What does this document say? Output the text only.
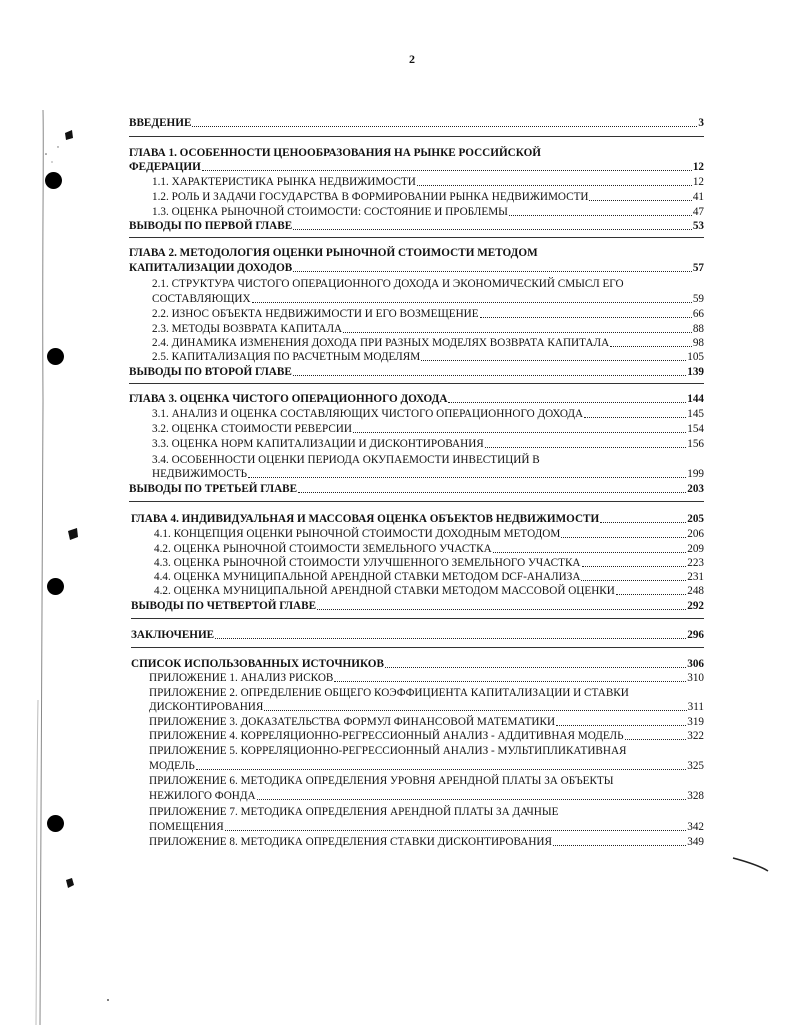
2
ВВЕДЕНИЕ	3
ГЛАВА 1. ОСОБЕННОСТИ ЦЕНООБРАЗОВАНИЯ НА РЫНКЕ РОССИЙСКОЙ
ФЕДЕРАЦИИ	12
1.1. ХАРАКТЕРИСТИКА РЫНКА НЕДВИЖИМОСТИ	12
1.2. РОЛЬ И ЗАДАЧИ ГОСУДАРСТВА В ФОРМИРОВАНИИ РЫНКА НЕДВИЖИМОСТИ	41
1.3. ОЦЕНКА РЫНОЧНОЙ СТОИМОСТИ: СОСТОЯНИЕ И ПРОБЛЕМЫ	47
ВЫВОДЫ ПО ПЕРВОЙ ГЛАВЕ	53
ГЛАВА 2. МЕТОДОЛОГИЯ ОЦЕНКИ РЫНОЧНОЙ СТОИМОСТИ МЕТОДОМ
КАПИТАЛИЗАЦИИ ДОХОДОВ	57
2.1. СТРУКТУРА ЧИСТОГО ОПЕРАЦИОННОГО ДОХОДА И ЭКОНОМИЧЕСКИЙ СМЫСЛ ЕГО
СОСТАВЛЯЮЩИХ	59
2.2. ИЗНОС ОБЪЕКТА НЕДВИЖИМОСТИ И ЕГО ВОЗМЕЩЕНИЕ	66
2.3. МЕТОДЫ ВОЗВРАТА КАПИТАЛА	88
2.4. ДИНАМИКА ИЗМЕНЕНИЯ ДОХОДА ПРИ РАЗНЫХ МОДЕЛЯХ ВОЗВРАТА КАПИТАЛА	98
2.5. КАПИТАЛИЗАЦИЯ ПО РАСЧЕТНЫМ МОДЕЛЯМ	105
ВЫВОДЫ ПО ВТОРОЙ ГЛАВЕ	139
ГЛАВА 3. ОЦЕНКА ЧИСТОГО ОПЕРАЦИОННОГО ДОХОДА	144
3.1. АНАЛИЗ И ОЦЕНКА СОСТАВЛЯЮЩИХ ЧИСТОГО ОПЕРАЦИОННОГО ДОХОДА	145
3.2. ОЦЕНКА СТОИМОСТИ РЕВЕРСИИ	154
3.3. ОЦЕНКА НОРМ КАПИТАЛИЗАЦИИ И ДИСКОНТИРОВАНИЯ	156
3.4. ОСОБЕННОСТИ ОЦЕНКИ ПЕРИОДА ОКУПАЕМОСТИ ИНВЕСТИЦИЙ В
НЕДВИЖИМОСТЬ	199
ВЫВОДЫ ПО ТРЕТЬЕЙ ГЛАВЕ	203
ГЛАВА 4. ИНДИВИДУАЛЬНАЯ И МАССОВАЯ ОЦЕНКА ОБЪЕКТОВ НЕДВИЖИМОСТИ	205
4.1. КОНЦЕПЦИЯ ОЦЕНКИ РЫНОЧНОЙ СТОИМОСТИ ДОХОДНЫМ МЕТОДОМ	206
4.2. ОЦЕНКА РЫНОЧНОЙ СТОИМОСТИ ЗЕМЕЛЬНОГО УЧАСТКА	209
4.3. ОЦЕНКА РЫНОЧНОЙ СТОИМОСТИ УЛУЧШЕННОГО ЗЕМЕЛЬНОГО УЧАСТКА	223
4.4. ОЦЕНКА МУНИЦИПАЛЬНОЙ АРЕНДНОЙ СТАВКИ МЕТОДОМ DCF-АНАЛИЗА	231
4.2. ОЦЕНКА МУНИЦИПАЛЬНОЙ АРЕНДНОЙ СТАВКИ МЕТОДОМ МАССОВОЙ ОЦЕНКИ	248
ВЫВОДЫ ПО ЧЕТВЕРТОЙ ГЛАВЕ	292
ЗАКЛЮЧЕНИЕ	296
СПИСОК ИСПОЛЬЗОВАННЫХ ИСТОЧНИКОВ	306
ПРИЛОЖЕНИЕ 1. АНАЛИЗ РИСКОВ	310
ПРИЛОЖЕНИЕ 2. ОПРЕДЕЛЕНИЕ ОБЩЕГО КОЭФФИЦИЕНТА КАПИТАЛИЗАЦИИ И СТАВКИ
ДИСКОНТИРОВАНИЯ	311
ПРИЛОЖЕНИЕ 3. ДОКАЗАТЕЛЬСТВА ФОРМУЛ ФИНАНСОВОЙ МАТЕМАТИКИ	319
ПРИЛОЖЕНИЕ 4. КОРРЕЛЯЦИОННО-РЕГРЕССИОННЫЙ АНАЛИЗ - АДДИТИВНАЯ МОДЕЛЬ	322
ПРИЛОЖЕНИЕ 5. КОРРЕЛЯЦИОННО-РЕГРЕССИОННЫЙ АНАЛИЗ - МУЛЬТИПЛИКАТИВНАЯ
МОДЕЛЬ	325
ПРИЛОЖЕНИЕ 6. МЕТОДИКА ОПРЕДЕЛЕНИЯ УРОВНЯ АРЕНДНОЙ ПЛАТЫ ЗА ОБЪЕКТЫ
НЕЖИЛОГО ФОНДА	328
ПРИЛОЖЕНИЕ 7. МЕТОДИКА ОПРЕДЕЛЕНИЯ АРЕНДНОЙ ПЛАТЫ ЗА ДАЧНЫЕ
ПОМЕЩЕНИЯ	342
ПРИЛОЖЕНИЕ 8. МЕТОДИКА ОПРЕДЕЛЕНИЯ СТАВКИ ДИСКОНТИРОВАНИЯ	349
